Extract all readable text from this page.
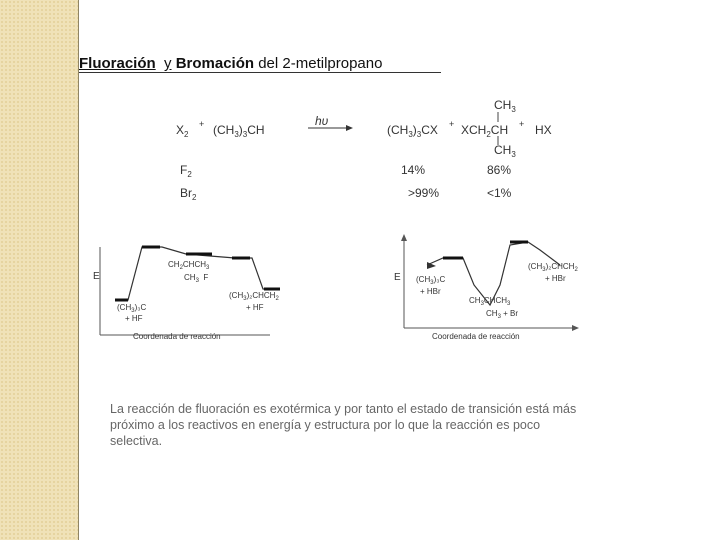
Fluoración y Bromación del 2-metilpropano
$X_2$
+ $(CH_3)_3CH$
hυ
$(CH_3)_3CX$ +
$CH_3$
$XCH_2CH$
$CH_3$
+ HX
$F_2$	14%	86%
$Br_2$	>99%	<1%
E
Coordenada de reacción
$CH_2CHCH_3$
$CH_3$ F
$(CH_3)_3C$
+ HF
$(CH_3)_2CHCH_2$
+ HF
E
Coordenada de reacción
$(CH_3)_3C$
+ HBr
$CH_3CHCH_3$
$CH_3 + Br$
$(CH_3)_2CHCH_2$
+ HBr
La reacción de fluoración es exotérmica y por tanto el estado de transición está más próximo a los reactivos en energía y estructura por lo que la reacción es poco selectiva.
